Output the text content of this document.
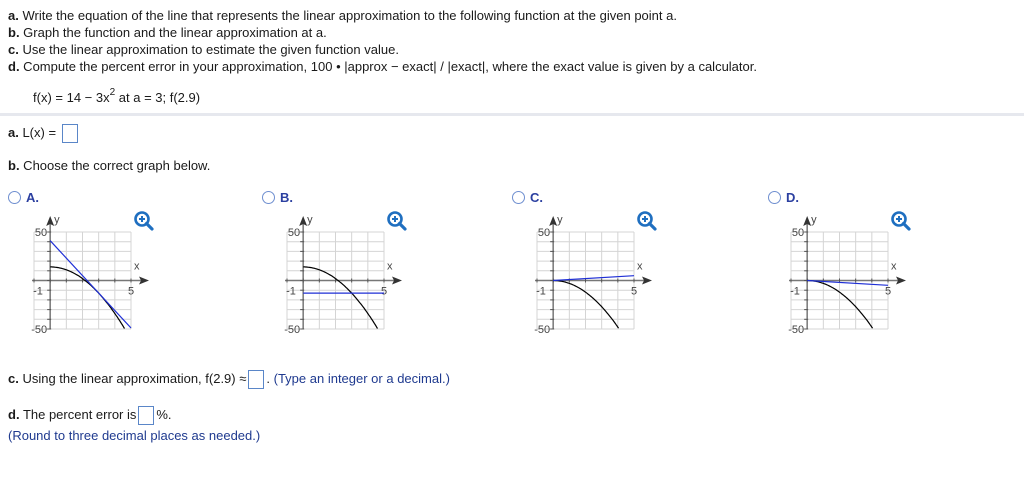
a. Write the equation of the line that represents the linear approximation to the following function at the given point a.
b. Graph the function and the linear approximation at a.
c. Use the linear approximation to estimate the given function value.
d. Compute the percent error in your approximation, 100 • |approx − exact| / |exact|, where the exact value is given by a calculator.
$f(x) = 14 - 3x^2$ at a = 3; f(2.9)
a. L(x) =
b. Choose the correct graph below.
A.	B.	C.	D.
y
50
-50
x
-1	5
y
50
-50
x
-1	5
y
50
-50
x
-1	5
y
50
-50
x
-1	5
c. Using the linear approximation, f(2.9) ≈ . (Type an integer or a decimal.)
d. The percent error is %.
(Round to three decimal places as needed.)
